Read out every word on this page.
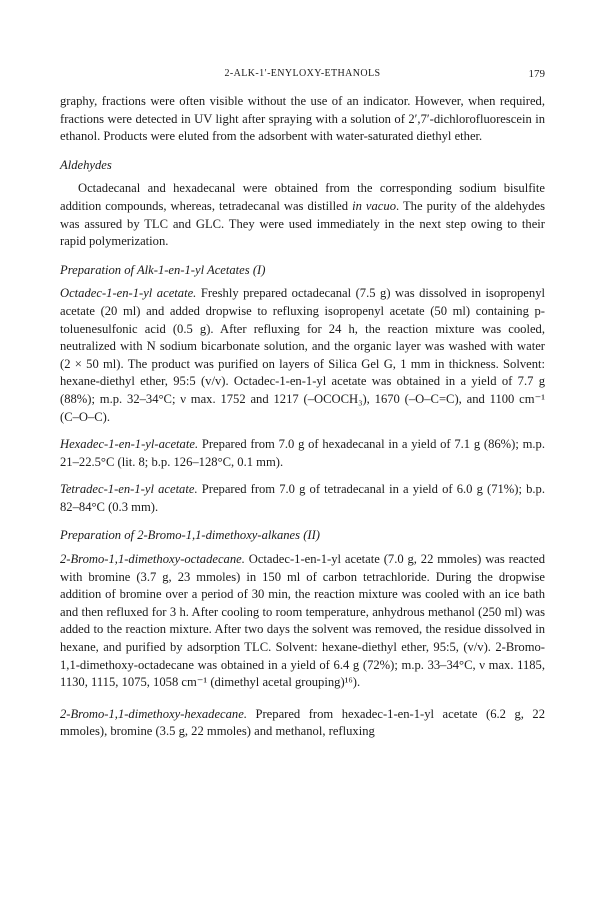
2-ALK-1′-ENYLOXY-ETHANOLS	179

graphy, fractions were often visible without the use of an indicator. However, when required, fractions were detected in UV light after spraying with a solution of 2′,7′-dichlorofluorescein in ethanol. Products were eluted from the adsorbent with water-saturated diethyl ether.

Aldehydes

Octadecanal and hexadecanal were obtained from the corresponding sodium bisulfite addition compounds, whereas, tetradecanal was distilled in vacuo. The purity of the aldehydes was assured by TLC and GLC. They were used immediately in the next step owing to their rapid polymerization.

Preparation of Alk-1-en-1-yl Acetates (I)

Octadec-1-en-1-yl acetate. Freshly prepared octadecanal (7.5 g) was dissolved in isopropenyl acetate (20 ml) and added dropwise to refluxing isopropenyl acetate (50 ml) containing p-toluenesulfonic acid (0.5 g). After refluxing for 24 h, the reaction mixture was cooled, neutralized with N sodium bicarbonate solution, and the organic layer was washed with water (2 × 50 ml). The product was purified on layers of Silica Gel G, 1 mm in thickness. Solvent: hexane-diethyl ether, 95:5 (v/v). Octadec-1-en-1-yl acetate was obtained in a yield of 7.7 g (88%); m.p. 32–34°C; ν max. 1752 and 1217 (–OCOCH₃), 1670 (–O–C=C), and 1100 cm⁻¹ (C–O–C).

Hexadec-1-en-1-yl-acetate. Prepared from 7.0 g of hexadecanal in a yield of 7.1 g (86%); m.p. 21–22.5°C (lit. 8; b.p. 126–128°C, 0.1 mm).

Tetradec-1-en-1-yl acetate. Prepared from 7.0 g of tetradecanal in a yield of 6.0 g (71%); b.p. 82–84°C (0.3 mm).

Preparation of 2-Bromo-1,1-dimethoxy-alkanes (II)

2-Bromo-1,1-dimethoxy-octadecane. Octadec-1-en-1-yl acetate (7.0 g, 22 mmoles) was reacted with bromine (3.7 g, 23 mmoles) in 150 ml of carbon tetrachloride. During the dropwise addition of bromine over a period of 30 min, the reaction mixture was cooled with an ice bath and then refluxed for 3 h. After cooling to room temperature, anhydrous methanol (250 ml) was added to the reaction mixture. After two days the solvent was removed, the residue dissolved in hexane, and purified by adsorption TLC. Solvent: hexane-diethyl ether, 95:5, (v/v). 2-Bromo-1,1-dimethoxy-octadecane was obtained in a yield of 6.4 g (72%); m.p. 33–34°C, ν max. 1185, 1130, 1115, 1075, 1058 cm⁻¹ (dimethyl acetal grouping)¹⁶).

2-Bromo-1,1-dimethoxy-hexadecane. Prepared from hexadec-1-en-1-yl acetate (6.2 g, 22 mmoles), bromine (3.5 g, 22 mmoles) and methanol, refluxing
